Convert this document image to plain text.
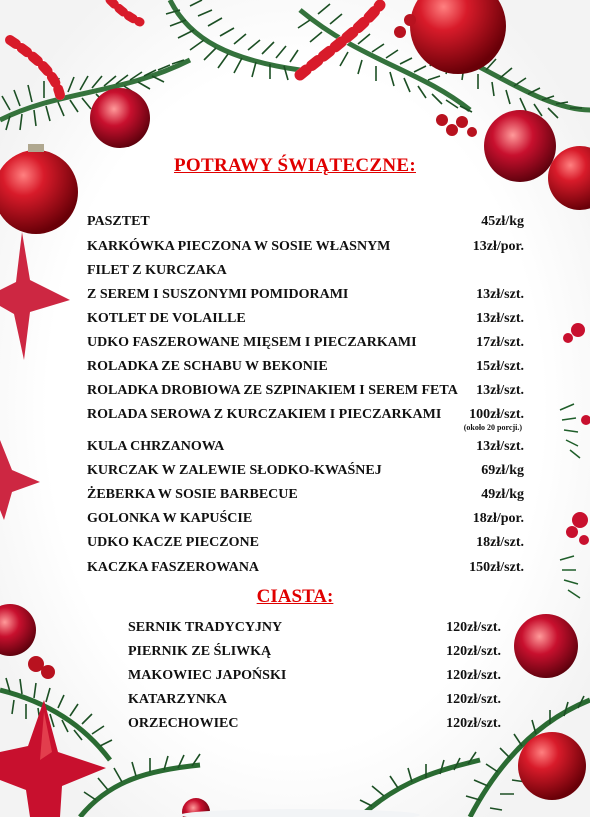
POTRAWY ŚWIĄTECZNE:
PASZTET	45zł/kg
KARKÓWKA PIECZONA W SOSIE WŁASNYM	13zł/por.
FILET Z KURCZAKA
Z SEREM I SUSZONYMI POMIDORAMI	13zł/szt.
KOTLET DE VOLAILLE	13zł/szt.
UDKO FASZEROWANE MIĘSEM I PIECZARKAMI	17zł/szt.
ROLADKA ZE SCHABU W BEKONIE	15zł/szt.
ROLADKA DROBIOWA ZE SZPINAKIEM I SEREM FETA 13zł/szt.
ROLADA SEROWA Z KURCZAKIEM I PIECZARKAMI 100zł/szt.
(około 20 porcji.)
KULA CHRZANOWA	13zł/szt.
KURCZAK W ZALEWIE SŁODKO-KWAŚNEJ	69zł/kg
ŻEBERKA W SOSIE BARBECUE	49zł/kg
GOLONKA W KAPUŚCIE	18zł/por.
UDKO KACZE PIECZONE	18zł/szt.
KACZKA FASZEROWANA	150zł/szt.
CIASTA:
SERNIK TRADYCYJNY	120zł/szt.
PIERNIK ZE ŚLIWKĄ	120zł/szt.
MAKOWIEC JAPOŃSKI	120zł/szt.
KATARZYNKA	120zł/szt.
ORZECHOWIEC	120zł/szt.
